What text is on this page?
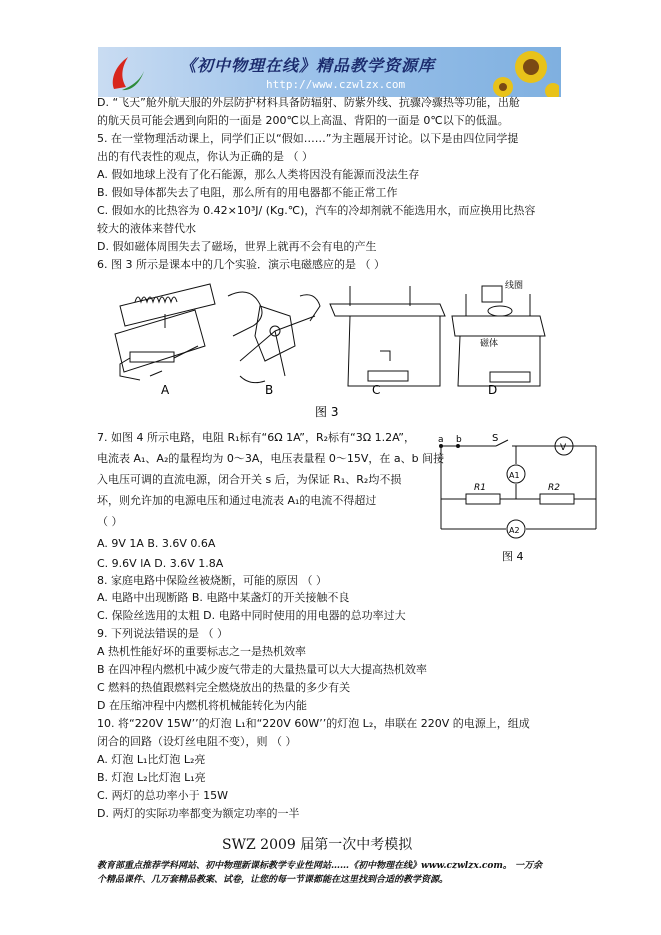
《初中物理在线》精品教学资源库
http://www.czwlzx.com
D. “飞天”舱外航天服的外层防护材料具备防辐射、防紫外线、抗骤冷骤热等功能，出舱
的航天员可能会遇到向阳的一面是 200℃以上高温、背阳的一面是 0℃以下的低温。
5. 在一堂物理活动课上，同学们正以“假如……”为主题展开讨论。以下是由四位同学提
出的有代表性的观点，你认为正确的是 （ ）
A. 假如地球上没有了化石能源，那么人类将因没有能源而没法生存
B. 假如导体都失去了电阻，那么所有的用电器都不能正常工作
C. 假如水的比热容为 0.42×10³J/ (Kg.℃)，汽车的冷却剂就不能选用水，而应换用比热容
较大的液体来替代水
D. 假如磁体周围失去了磁场，世界上就再不会有电的产生
6. 图 3 所示是课本中的几个实验．演示电磁感应的是 （ ）
A	B	C	D
线圈
磁体
图 3
7. 如图 4 所示电路，电阻 R₁标有“6Ω 1A”，R₂标有“3Ω 1.2A”，
电流表 A₁、A₂的量程均为 0～3A，电压表量程 0～15V，在 a、b 间接
入电压可调的直流电源，闭合开关 s 后，为保证 R₁、R₂均不损
坏，则允许加的电源电压和通过电流表 A₁的电流不得超过
（ ）
A. 9V 1A B. 3.6V 0.6A
C. 9.6V lA D. 3.6V 1.8A
a b	S
V
A1
R1	R2
A2
图 4
8. 家庭电路中保险丝被烧断，可能的原因 （ ）
A. 电路中出现断路 B. 电路中某盏灯的开关接触不良
C. 保险丝选用的太粗 D. 电路中同时使用的用电器的总功率过大
9. 下列说法错误的是 （ ）
A 热机性能好坏的重要标志之一是热机效率
B 在四冲程内燃机中减少废气带走的大量热量可以大大提高热机效率
C 燃料的热值跟燃料完全燃烧放出的热量的多少有关
D 在压缩冲程中内燃机将机械能转化为内能
10. 将“220V 15W’’的灯泡 L₁和“220V 60W’’的灯泡 L₂，串联在 220V 的电源上，组成
闭合的回路（设灯丝电阻不变），则 （ ）
A. 灯泡 L₁比灯泡 L₂亮
B. 灯泡 L₂比灯泡 L₁亮
C. 两灯的总功率小于 15W
D. 两灯的实际功率都变为额定功率的一半
SWZ 2009 届第一次中考模拟
教育部重点推荐学科网站、初中物理新课标教学专业性网站……《初中物理在线》www.czwlzx.com。 一万余
个精品课件、几万套精品教案、试卷，让您的每一节课都能在这里找到合适的教学资源。
